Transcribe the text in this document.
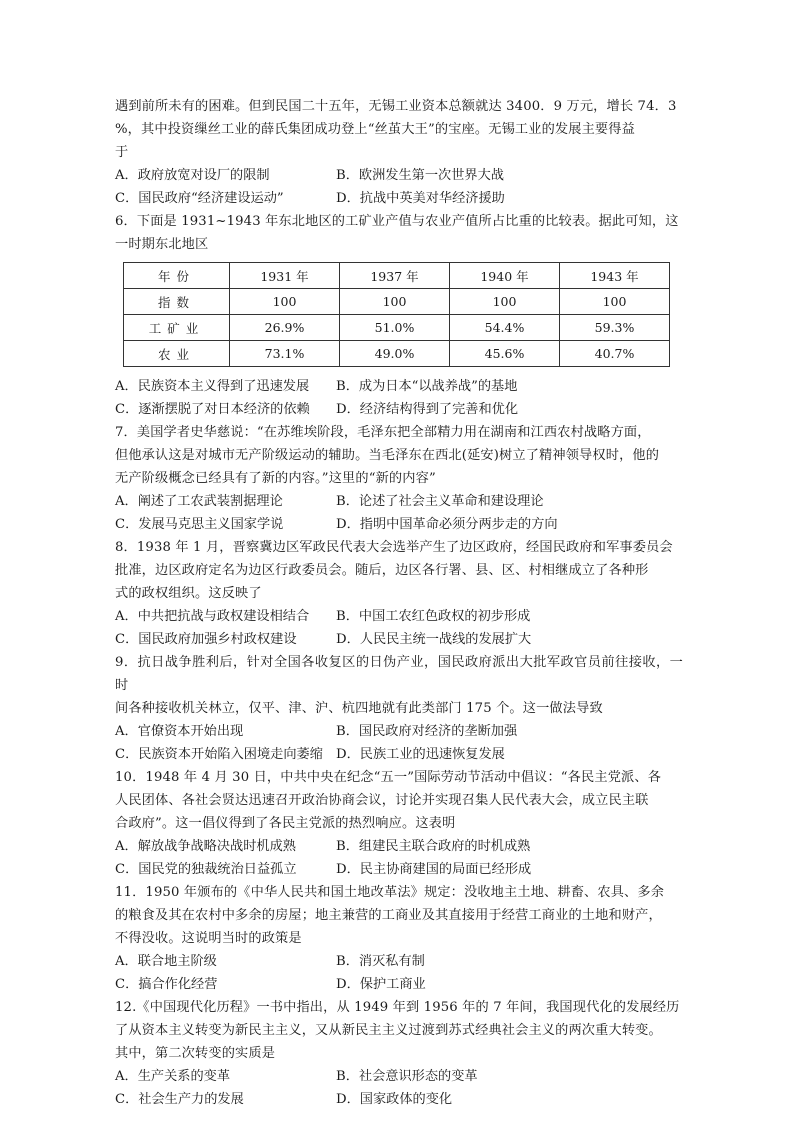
遇到前所未有的困难。但到民国二十五年，无锡工业资本总额就达 3400．9 万元，增长 74．3

%，其中投资缫丝工业的薛氏集团成功登上“丝茧大王”的宝座。无锡工业的发展主要得益

于

A．政府放宽对设厂的限制	B．欧洲发生第一次世界大战
C．国民政府“经济建设运动”	D．抗战中英美对华经济援助

6．下面是 1931~1943 年东北地区的工矿业产值与农业产值所占比重的比较表。据此可知，这

一时期东北地区

年份	1931 年	1937 年	1940 年	1943 年
指数	100	100	100	100
工矿业	26.9%	51.0%	54.4%	59.3%
农业	73.1%	49.0%	45.6%	40.7%
A．民族资本主义得到了迅速发展	B．成为日本“以战养战”的基地
C．逐渐摆脱了对日本经济的依赖	D．经济结构得到了完善和优化

7．美国学者史华慈说：“在苏维埃阶段，毛泽东把全部精力用在湖南和江西农村战略方面，

但他承认这是对城市无产阶级运动的辅助。当毛泽东在西北(延安)树立了精神领导权时，他的

无产阶级概念已经具有了新的内容。”这里的“新的内容”

A．阐述了工农武装割据理论	B．论述了社会主义革命和建设理论
C．发展马克思主义国家学说	D．指明中国革命必须分两步走的方向

8．1938 年 1 月，晋察冀边区军政民代表大会选举产生了边区政府，经国民政府和军事委员会

批准，边区政府定名为边区行政委员会。随后，边区各行署、县、区、村相继成立了各种形

式的政权组织。这反映了

A．中共把抗战与政权建设相结合	B．中国工农红色政权的初步形成
C．国民政府加强乡村政权建设	D．人民民主统一战线的发展扩大

9．抗日战争胜利后，针对全国各收复区的日伪产业，国民政府派出大批军政官员前往接收，一时

间各种接收机关林立，仅平、津、沪、杭四地就有此类部门 175 个。这一做法导致

A．官僚资本开始出现	B．国民政府对经济的垄断加强
C．民族资本开始陷入困境走向萎缩 D．民族工业的迅速恢复发展

10．1948 年 4 月 30 日，中共中央在纪念“五一”国际劳动节活动中倡议：“各民主党派、各

人民团体、各社会贤达迅速召开政治协商会议，讨论并实现召集人民代表大会，成立民主联

合政府”。这一倡仪得到了各民主党派的热烈响应。这表明

A．解放战争战略决战时机成熟	B．组建民主联合政府的时机成熟
C．国民党的独裁统治日益孤立	D．民主协商建国的局面已经形成

11．1950 年颁布的《中华人民共和国土地改革法》规定：没收地主土地、耕畜、农具、多余

的粮食及其在农村中多余的房屋；地主兼营的工商业及其直接用于经营工商业的土地和财产，

不得没收。这说明当时的政策是

A．联合地主阶级	B．消灭私有制
C．搞合作化经营	D．保护工商业

12.《中国现代化历程》一书中指出，从 1949 年到 1956 年的 7 年间，我国现代化的发展经历

了从资本主义转变为新民主主义，又从新民主主义过渡到苏式经典社会主义的两次重大转变。

其中，第二次转变的实质是

A．生产关系的变革	B．社会意识形态的变革
C．社会生产力的发展	D．国家政体的变化
